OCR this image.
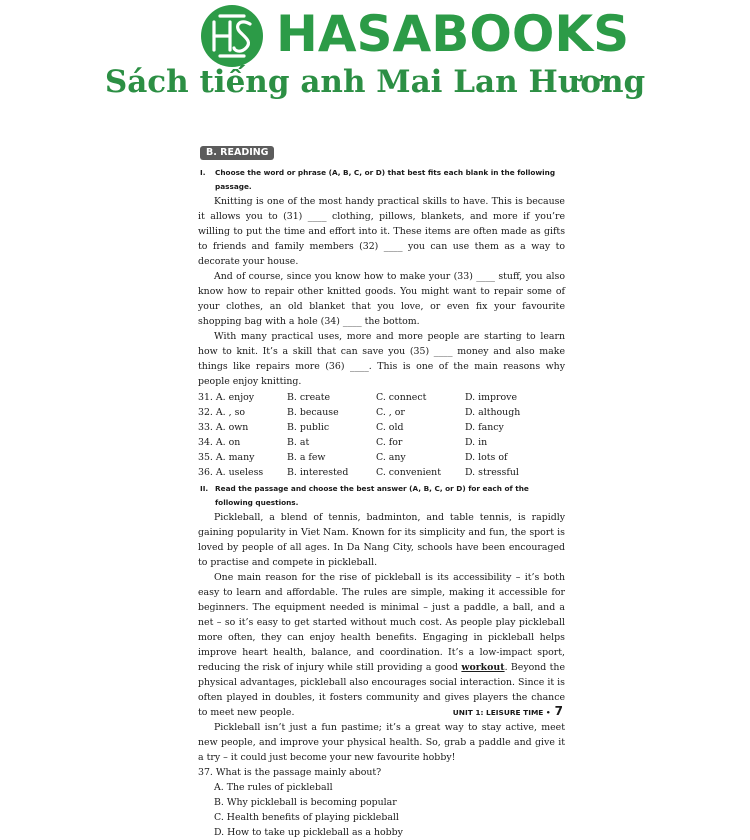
HASABOOKS
Sách tiếng anh Mai Lan Hương
B. READING
I.	Choose the word or phrase (A, B, C, or D) that best fits each blank in the following passage.

Knitting is one of the most handy practical skills to have. This is because it allows you to (31) ____ clothing, pillows, blankets, and more if you’re willing to put the time and effort into it. These items are often made as gifts to friends and family members (32) ____ you can use them as a way to decorate your house.

And of course, since you know how to make your (33) ____ stuff, you also know how to repair other knitted goods. You might want to repair some of your clothes, an old blanket that you love, or even fix your favourite shopping bag with a hole (34) ____ the bottom.

With many practical uses, more and more people are starting to learn how to knit. It’s a skill that can save you (35) ____ money and also make things like repairs more (36) ____. This is one of the main reasons why people enjoy knitting.

31. A. enjoy	B. create	C. connect	D. improve
32. A. , so	B. because	C. , or	D. although
33. A. own	B. public	C. old	D. fancy
34. A. on	B. at	C. for	D. in
35. A. many	B. a few	C. any	D. lots of
36. A. useless	B. interested	C. convenient	D. stressful
II. Read the passage and choose the best answer (A, B, C, or D) for each of the following questions.

Pickleball, a blend of tennis, badminton, and table tennis, is rapidly gaining popularity in Viet Nam. Known for its simplicity and fun, the sport is loved by people of all ages. In Da Nang City, schools have been encouraged to practise and compete in pickleball.

One main reason for the rise of pickleball is its accessibility – it’s both easy to learn and affordable. The rules are simple, making it accessible for beginners. The equipment needed is minimal – just a paddle, a ball, and a net – so it’s easy to get started without much cost. As people play pickleball more often, they can enjoy health benefits. Engaging in pickleball helps improve heart health, balance, and coordination. It’s a low-impact sport, reducing the risk of injury while still providing a good workout. Beyond the physical advantages, pickleball also encourages social interaction. Since it is often played in doubles, it fosters community and gives players the chance to meet new people.

Pickleball isn’t just a fun pastime; it’s a great way to stay active, meet new people, and improve your physical health. So, grab a paddle and give it a try – it could just become your new favourite hobby!

37. What is the passage mainly about?

A. The rules of pickleball

B. Why pickleball is becoming popular

C. Health benefits of playing pickleball

D. How to take up pickleball as a hobby

UNIT 1: LEISURE TIME • 7
